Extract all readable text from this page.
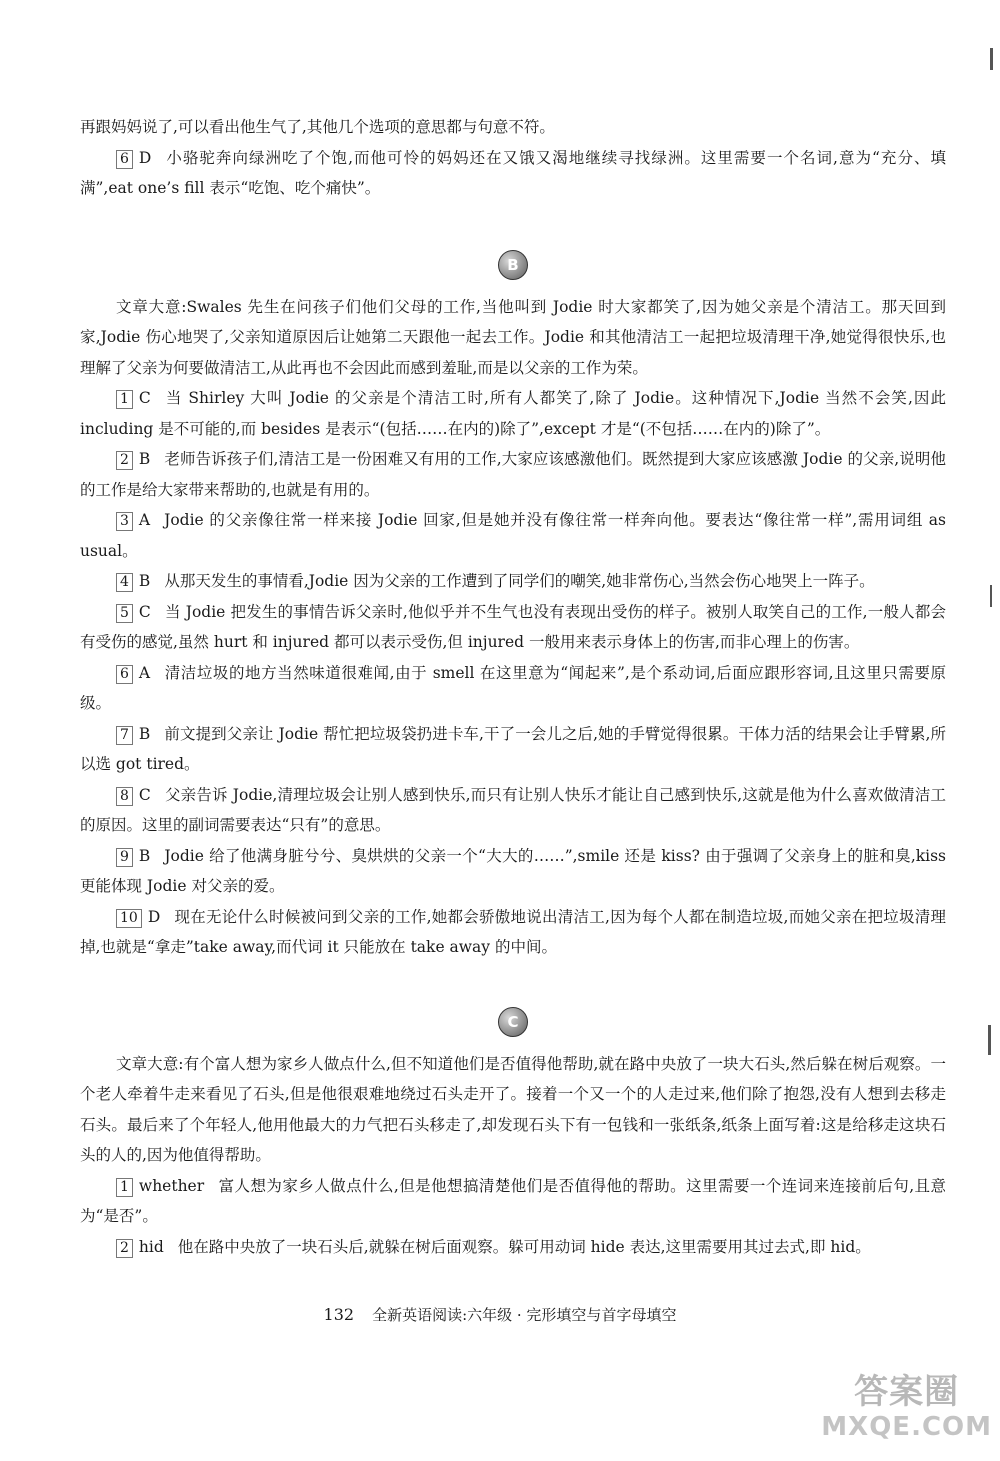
再跟妈妈说了,可以看出他生气了,其他几个选项的意思都与句意不符。

6 D 小骆驼奔向绿洲吃了个饱,而他可怜的妈妈还在又饿又渴地继续寻找绿洲。这里需要一个名词,意为“充分、填满”,eat one’s fill 表示“吃饱、吃个痛快”。

B

文章大意:Swales 先生在问孩子们他们父母的工作,当他叫到 Jodie 时大家都笑了,因为她父亲是个清洁工。那天回到家,Jodie 伤心地哭了,父亲知道原因后让她第二天跟他一起去工作。Jodie 和其他清洁工一起把垃圾清理干净,她觉得很快乐,也理解了父亲为何要做清洁工,从此再也不会因此而感到羞耻,而是以父亲的工作为荣。

1 C 当 Shirley 大叫 Jodie 的父亲是个清洁工时,所有人都笑了,除了 Jodie。这种情况下,Jodie 当然不会笑,因此 including 是不可能的,而 besides 是表示“(包括……在内的)除了”,except 才是“(不包括……在内的)除了”。

2 B 老师告诉孩子们,清洁工是一份困难又有用的工作,大家应该感激他们。既然提到大家应该感激 Jodie 的父亲,说明他的工作是给大家带来帮助的,也就是有用的。

3 A Jodie 的父亲像往常一样来接 Jodie 回家,但是她并没有像往常一样奔向他。要表达“像往常一样”,需用词组 as usual。

4 B 从那天发生的事情看,Jodie 因为父亲的工作遭到了同学们的嘲笑,她非常伤心,当然会伤心地哭上一阵子。

5 C 当 Jodie 把发生的事情告诉父亲时,他似乎并不生气也没有表现出受伤的样子。被别人取笑自己的工作,一般人都会有受伤的感觉,虽然 hurt 和 injured 都可以表示受伤,但 injured 一般用来表示身体上的伤害,而非心理上的伤害。

6 A 清洁垃圾的地方当然味道很难闻,由于 smell 在这里意为“闻起来”,是个系动词,后面应跟形容词,且这里只需要原级。

7 B 前文提到父亲让 Jodie 帮忙把垃圾袋扔进卡车,干了一会儿之后,她的手臂觉得很累。干体力活的结果会让手臂累,所以选 got tired。

8 C 父亲告诉 Jodie,清理垃圾会让别人感到快乐,而只有让别人快乐才能让自己感到快乐,这就是他为什么喜欢做清洁工的原因。这里的副词需要表达“只有”的意思。

9 B Jodie 给了他满身脏兮兮、臭烘烘的父亲一个“大大的……”,smile 还是 kiss? 由于强调了父亲身上的脏和臭,kiss 更能体现 Jodie 对父亲的爱。

10 D 现在无论什么时候被问到父亲的工作,她都会骄傲地说出清洁工,因为每个人都在制造垃圾,而她父亲在把垃圾清理掉,也就是“拿走”take away,而代词 it 只能放在 take away 的中间。

C

文章大意:有个富人想为家乡人做点什么,但不知道他们是否值得他帮助,就在路中央放了一块大石头,然后躲在树后观察。一个老人牵着牛走来看见了石头,但是他很艰难地绕过石头走开了。接着一个又一个的人走过来,他们除了抱怨,没有人想到去移走石头。最后来了个年轻人,他用他最大的力气把石头移走了,却发现石头下有一包钱和一张纸条,纸条上面写着:这是给移走这块石头的人的,因为他值得帮助。

1 whether 富人想为家乡人做点什么,但是他想搞清楚他们是否值得他的帮助。这里需要一个连词来连接前后句,且意为“是否”。

2 hid 他在路中央放了一块石头后,就躲在树后面观察。躲可用动词 hide 表达,这里需要用其过去式,即 hid。

132 全新英语阅读:六年级 · 完形填空与首字母填空
答案圈
MXQE.COM
